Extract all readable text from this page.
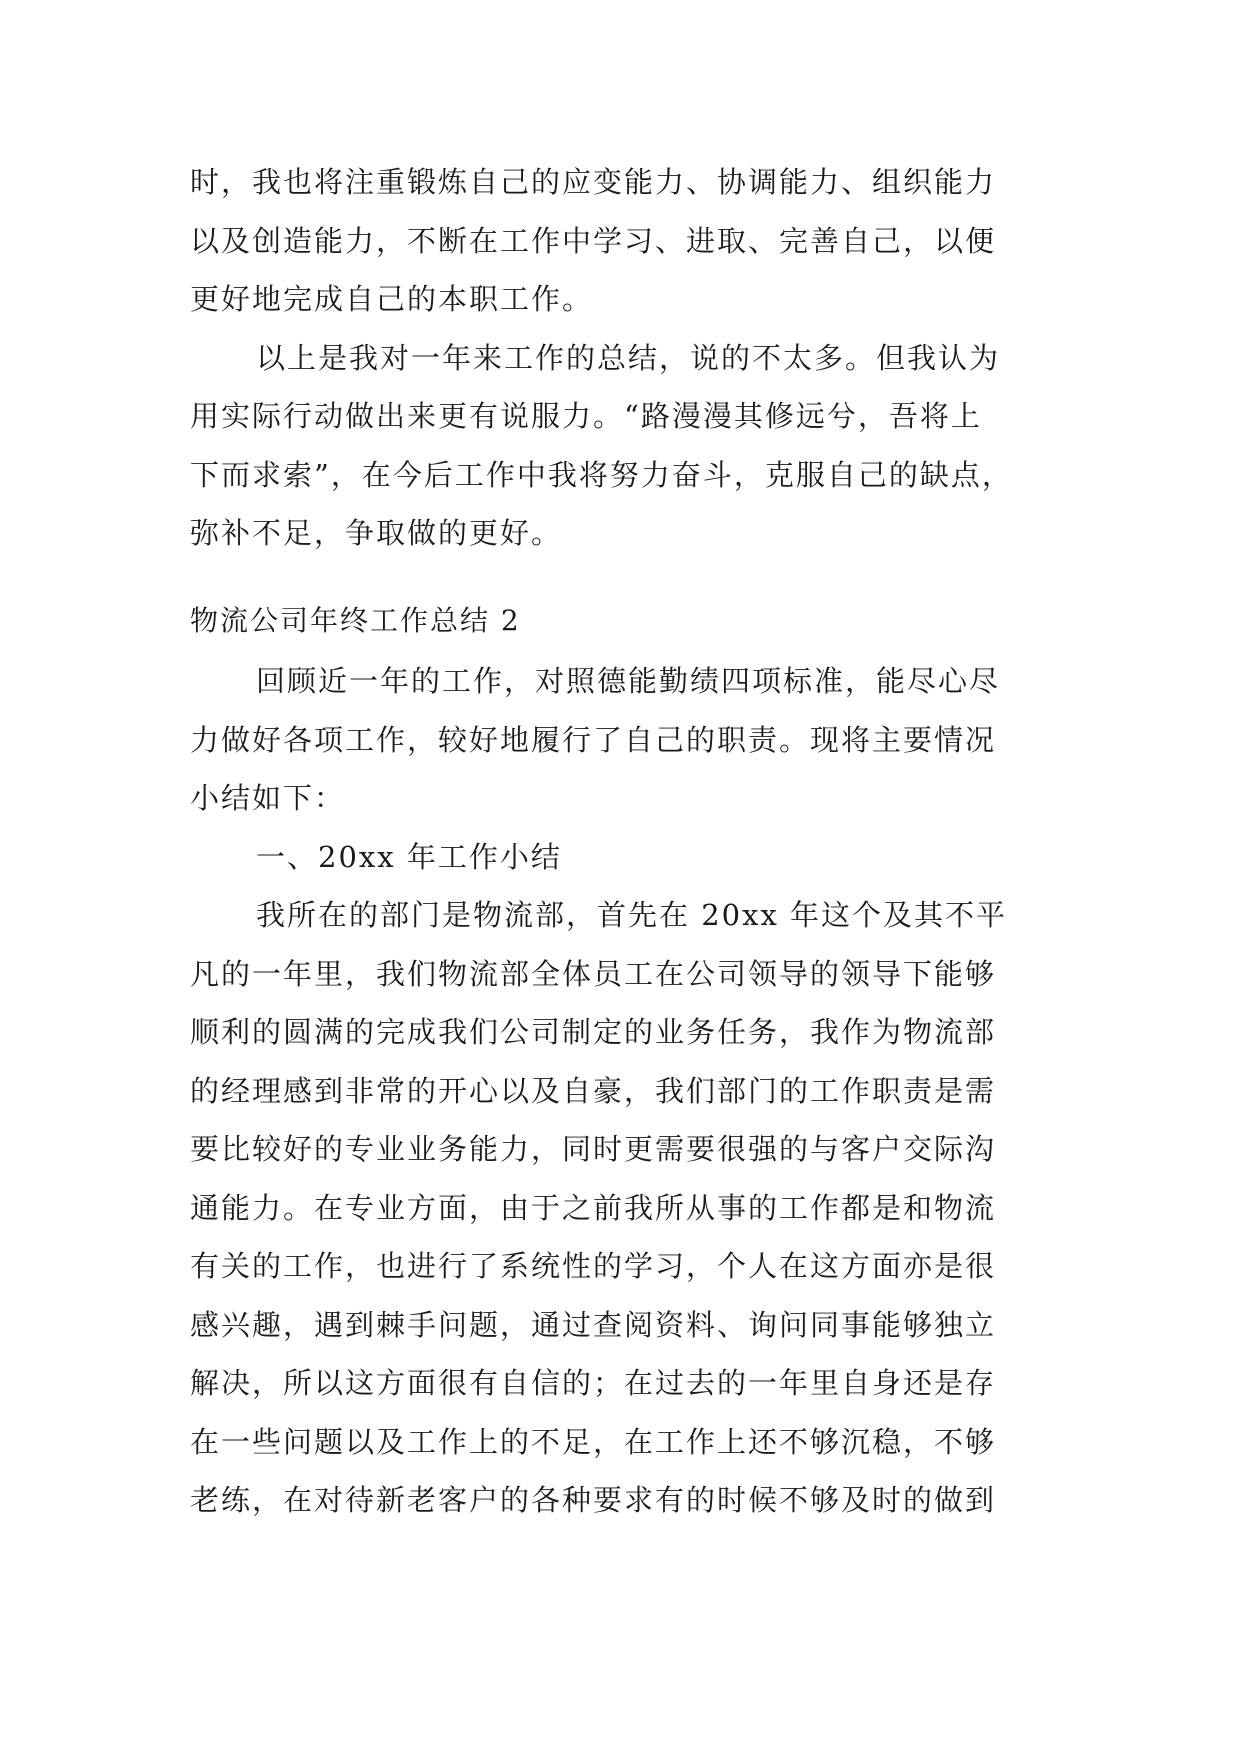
时，我也将注重锻炼自己的应变能力、协调能力、组织能力
以及创造能力，不断在工作中学习、进取、完善自己，以便
更好地完成自己的本职工作。
以上是我对一年来工作的总结，说的不太多。但我认为
用实际行动做出来更有说服力。“路漫漫其修远兮，吾将上
下而求索”，在今后工作中我将努力奋斗，克服自己的缺点，
弥补不足，争取做的更好。
物流公司年终工作总结 2
回顾近一年的工作，对照德能勤绩四项标准，能尽心尽
力做好各项工作，较好地履行了自己的职责。现将主要情况
小结如下：
一、20xx 年工作小结
我所在的部门是物流部，首先在 20xx 年这个及其不平
凡的一年里，我们物流部全体员工在公司领导的领导下能够
顺利的圆满的完成我们公司制定的业务任务，我作为物流部
的经理感到非常的开心以及自豪，我们部门的工作职责是需
要比较好的专业业务能力，同时更需要很强的与客户交际沟
通能力。在专业方面，由于之前我所从事的工作都是和物流
有关的工作，也进行了系统性的学习，个人在这方面亦是很
感兴趣，遇到棘手问题，通过查阅资料、询问同事能够独立
解决，所以这方面很有自信的；在过去的一年里自身还是存
在一些问题以及工作上的不足，在工作上还不够沉稳，不够
老练，在对待新老客户的各种要求有的时候不够及时的做到
